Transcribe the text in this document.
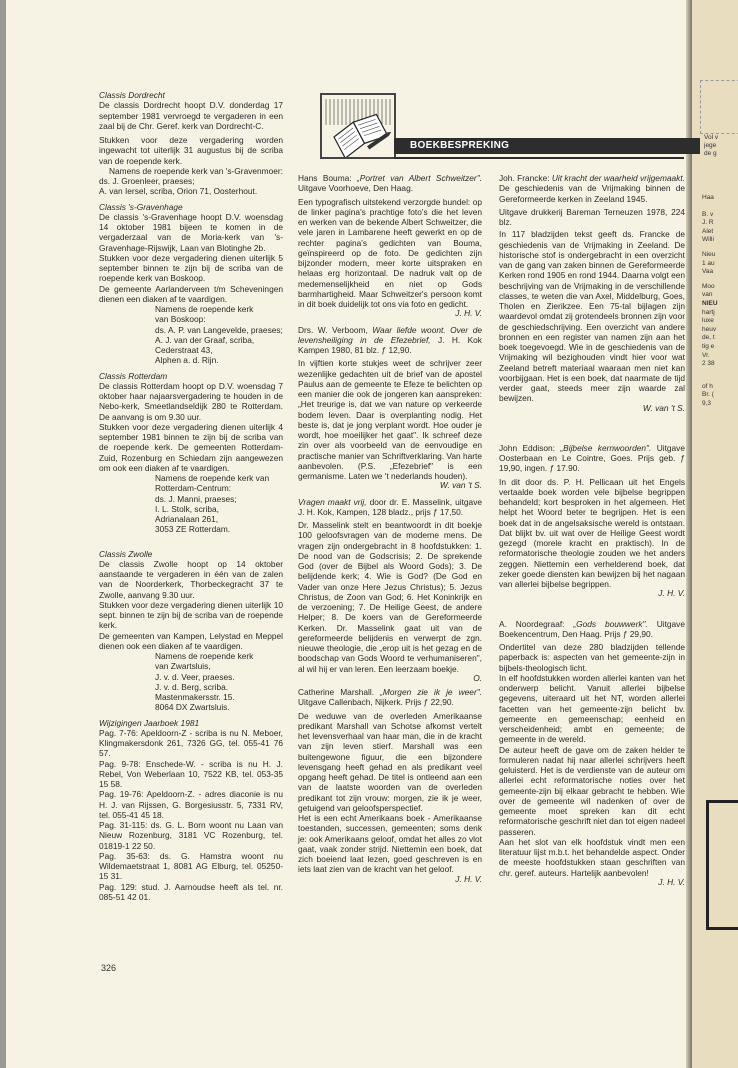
Vol v
jege
de g
Haa
B. v
J. R
Alet
Willi
Nieu
1 au
Vaa
Moo
van
NIEU
hartj
luxe
heuv
de, t
tig e
Vr.
2 38
of h
Br. (
9,3
BOEKBESPREKING
Classis Dordrecht

De classis Dordrecht hoopt D.V. donderdag 17 september 1981 vervroegd te vergaderen in een zaal bij de Chr. Geref. kerk van Dordrecht-C.

Stukken voor deze vergadering worden ingewacht tot uiterlijk 31 augustus bij de scriba van de roepende kerk.

Namens de roepende kerk van 's-Gravenmoer: ds. J. Groenleer, praeses;

A. van Iersel, scriba, Orion 71, Oosterhout.

Classis 's-Gravenhage

De classis 's-Gravenhage hoopt D.V. woensdag 14 oktober 1981 bijeen te komen in de vergaderzaal van de Moria-kerk van 's-Gravenhage-Rijswijk, Laan van Blotinghe 2b.

Stukken voor deze vergadering dienen uiterlijk 5 september binnen te zijn bij de scriba van de roepende kerk van Boskoop.

De gemeente Aarlanderveen t/m Scheveningen dienen een diaken af te vaardigen.

Namens de roepende kerk
van Boskoop:
ds. A. P. van Langevelde, praeses;
A. J. van der Graaf, scriba,
Cederstraat 43,
Alphen a. d. Rijn.
Classis Rotterdam

De classis Rotterdam hoopt op D.V. woensdag 7 oktober haar najaarsvergadering te houden in de Nebo-kerk, Smeetlandseldijk 280 te Rotterdam. De aanvang is om 9.30 uur.

Stukken voor deze vergadering dienen uiterlijk 4 september 1981 binnen te zijn bij de scriba van de roepende kerk. De gemeenten Rotterdam-Zuid, Rozenburg en Schiedam zijn aangewezen om ook een diaken af te vaardigen.

Namens de roepende kerk van
Rotterdam-Centrum:
ds. J. Manni, praeses;
I. L. Stolk, scriba,
Adrianalaan 261,
3053 ZE Rotterdam.
Classis Zwolle

De classis Zwolle hoopt op 14 oktober aanstaande te vergaderen in één van de zalen van de Noorderkerk, Thorbeckegracht 37 te Zwolle, aanvang 9.30 uur.

Stukken voor deze vergadering dienen uiterlijk 10 sept. binnen te zijn bij de scriba van de roepende kerk.

De gemeenten van Kampen, Lelystad en Meppel dienen ook een diaken af te vaardigen.

Namens de roepende kerk
van Zwartsluis,
J. v. d. Veer, praeses.
J. v. d. Berg, scriba.
Mastenmakersstr. 15.
8064 DX Zwartsluis.
Wijzigingen Jaarboek 1981

Pag. 7-76: Apeldoorn-Z - scriba is nu N. Meboer, Klingmakersdonk 261, 7326 GG, tel. 055-41 76 57.

Pag. 9-78: Enschede-W. - scriba is nu H. J. Rebel, Von Weberlaan 10, 7522 KB, tel. 053-35 15 58.

Pag. 19-76: Apeldoorn-Z. - adres diaconie is nu H. J. van Rijssen, G. Borgesiusstr. 5, 7331 RV, tel. 055-41 45 18.

Pag. 31-115: ds. G. L. Born woont nu Laan van Nieuw Rozenburg, 3181 VC Rozenburg, tel. 01819-1 22 50.

Pag. 35-63: ds. G. Hamstra woont nu Wildemaetstraat 1, 8081 AG Elburg, tel. 05250-15 31.

Pag. 129: stud. J. Aarnoudse heeft als tel. nr. 085-51 42 01.

Hans Bouma: „Portret van Albert Schweitzer". Uitgave Voorhoeve, Den Haag.

Een typografisch uitstekend verzorgde bundel: op de linker pagina's prachtige foto's die het leven en werken van de bekende Albert Schweitzer, die vele jaren in Lambarene heeft gewerkt en op de rechter pagina's gedichten van Bouma, geïnspireerd op de foto. De gedichten zijn bijzonder modern, meer korte uitspraken en helaas erg horizontaal. De nadruk valt op de medemenselijkheid en niet op Gods barmhartigheid. Maar Schweitzer's persoon komt in dit boek duidelijk tot ons via foto en gedicht.

J. H. V.
Drs. W. Verboom, Waar liefde woont. Over de levensheiliging in de Efezebrief, J. H. Kok Kampen 1980, 81 blz. ƒ 12,90.

In vijftien korte stukjes weet de schrijver zeer wezenlijke gedachten uit de brief van de apostel Paulus aan de gemeente te Efeze te belichten op een manier die ook de jongeren kan aanspreken: „Het treurige is, dat we van nature op verkeerde bodem leven. Daar is overplanting nodig. Het beste is, dat je jong verplant wordt. Hoe ouder je wordt, hoe moeilijker het gaat". Ik schreef deze zin over als voorbeeld van de eenvoudige en practische manier van Schriftverklaring. Van harte aanbevolen. (P.S. „Efezebrief" is een germanisme. Laten we 't nederlands houden).

W. van 't S.
Vragen maakt vrij, door dr. E. Masselink, uitgave J. H. Kok, Kampen, 128 bladz., prijs ƒ 17,50.

Dr. Masselink stelt en beantwoordt in dit boekje 100 geloofsvragen van de moderne mens. De vragen zijn ondergebracht in 8 hoofdstukken: 1. De nood van de Godscrisis; 2. De sprekende God (over de Bijbel als Woord Gods); 3. De belijdende kerk; 4. Wie is God? (De God en Vader van onze Here Jezus Christus); 5. Jezus Christus, de Zoon van God; 6. Het Koninkrijk en de verzoening; 7. De Heilige Geest, de andere Helper; 8. De koers van de Gereformeerde Kerken. Dr. Masselink gaat uit van de gereformeerde belijdenis en verwerpt de zgn. nieuwe theologie, die „erop uit is het gezag en de boodschap van Gods Woord te verhumaniseren", al wil hij er van leren. Een leerzaam boekje.

O.
Catherine Marshall. „Morgen zie ik je weer". Uitgave Callenbach, Nijkerk. Prijs ƒ 22,90.

De weduwe van de overleden Amerikaanse predikant Marshall van Schotse afkomst vertelt het levensverhaal van haar man, die in de kracht van zijn leven stierf. Marshall was een buitengewone figuur, die een bijzondere levensgang heeft gehad en als predikant veel opgang heeft gehad. De titel is ontleend aan een van de laatste woorden van de overleden predikant tot zijn vrouw: morgen, zie ik je weer, getuigend van geloofsperspectief.

Het is een echt Amerikaans boek - Amerikaanse toestanden, successen, gemeenten; soms denk je: ook Amerikaans geloof, omdat het alles zo vlot gaat, vaak zonder strijd. Niettemin een boek, dat zich boeiend laat lezen, goed geschreven is en iets laat zien van de kracht van het geloof.

J. H. V.
Joh. Francke: Uit kracht der waarheid vrijgemaakt. De geschiedenis van de Vrijmaking binnen de Gereformeerde kerken in Zeeland 1945.

Uitgave drukkerij Bareman Terneuzen 1978, 224 blz.

In 117 bladzijden tekst geeft ds. Francke de geschiedenis van de Vrijmaking in Zeeland. De historische stof is ondergebracht in een overzicht van de gang van zaken binnen de Gereformeerde Kerken rond 1905 en rond 1944. Daarna volgt een beschrijving van de Vrijmaking in de verschillende classes, te weten die van Axel, Middelburg, Goes, Tholen en Zierikzee. Een 75-tal bijlagen zijn waardevol omdat zij grotendeels bronnen zijn voor de geschiedschrijving. Een overzicht van andere bronnen en een register van namen zijn aan het boek toegevoegd. Wie in de geschiedenis van de Vrijmaking wil bezighouden vindt hier voor wat Zeeland betreft materiaal waaraan men niet kan voorbijgaan. Het is een boek, dat naarmate de tijd verder gaat, steeds meer zijn waarde zal bewijzen.

W. van 't S.
John Eddison: „Bijbelse kernwoorden". Uitgave Oosterbaan en Le Cointre, Goes. Prijs geb. ƒ 19,90, ingen. ƒ 17.90.

In dit door ds. P. H. Pellicaan uit het Engels vertaalde boek worden vele bijbelse begrippen behandeld; kort besproken in het algemeen. Het helpt het Woord beter te begrijpen. Het is een boek dat in de angelsaksische wereld is ontstaan. Dat blijkt bv. uit wat over de Heilige Geest wordt gezegd (morele kracht en praktisch). In de reformatorische theologie zouden we het anders zeggen. Niettemin een verhelderend boek, dat zeker goede diensten kan bewijzen bij het nagaan van allerlei bijbelse begrippen.

J. H. V.
A. Noordegraaf: „Gods bouwwerk". Uitgave Boekencentrum, Den Haag. Prijs ƒ 29,90.

Ondertitel van deze 280 bladzijden tellende paperback is: aspecten van het gemeente-zijn in bijbels-theologisch licht.

In elf hoofdstukken worden allerlei kanten van het onderwerp belicht. Vanuit allerlei bijbelse gegevens, uiteraard uit het NT, worden allerlei facetten van het gemeente-zijn belicht bv. gemeente en gemeenschap; eenheid en verscheidenheid; ambt en gemeente; de gemeente in de wereld.

De auteur heeft de gave om de zaken helder te formuleren nadat hij naar allerlei schrijvers heeft geluisterd. Het is de verdienste van de auteur om allerlei echt reformatorische noties over het gemeente-zijn bij elkaar gebracht te hebben. Wie over de gemeente wil nadenken of over de gemeente moet spreken kan dit echt reformatorische geschrift niet dan tot eigen nadeel passeren.

Aan het slot van elk hoofdstuk vindt men een literatuur lijst m.b.t. het behandelde aspect. Onder de meeste hoofdstukken staan geschriften van chr. geref. auteurs. Hartelijk aanbevolen!

J. H. V.
326
